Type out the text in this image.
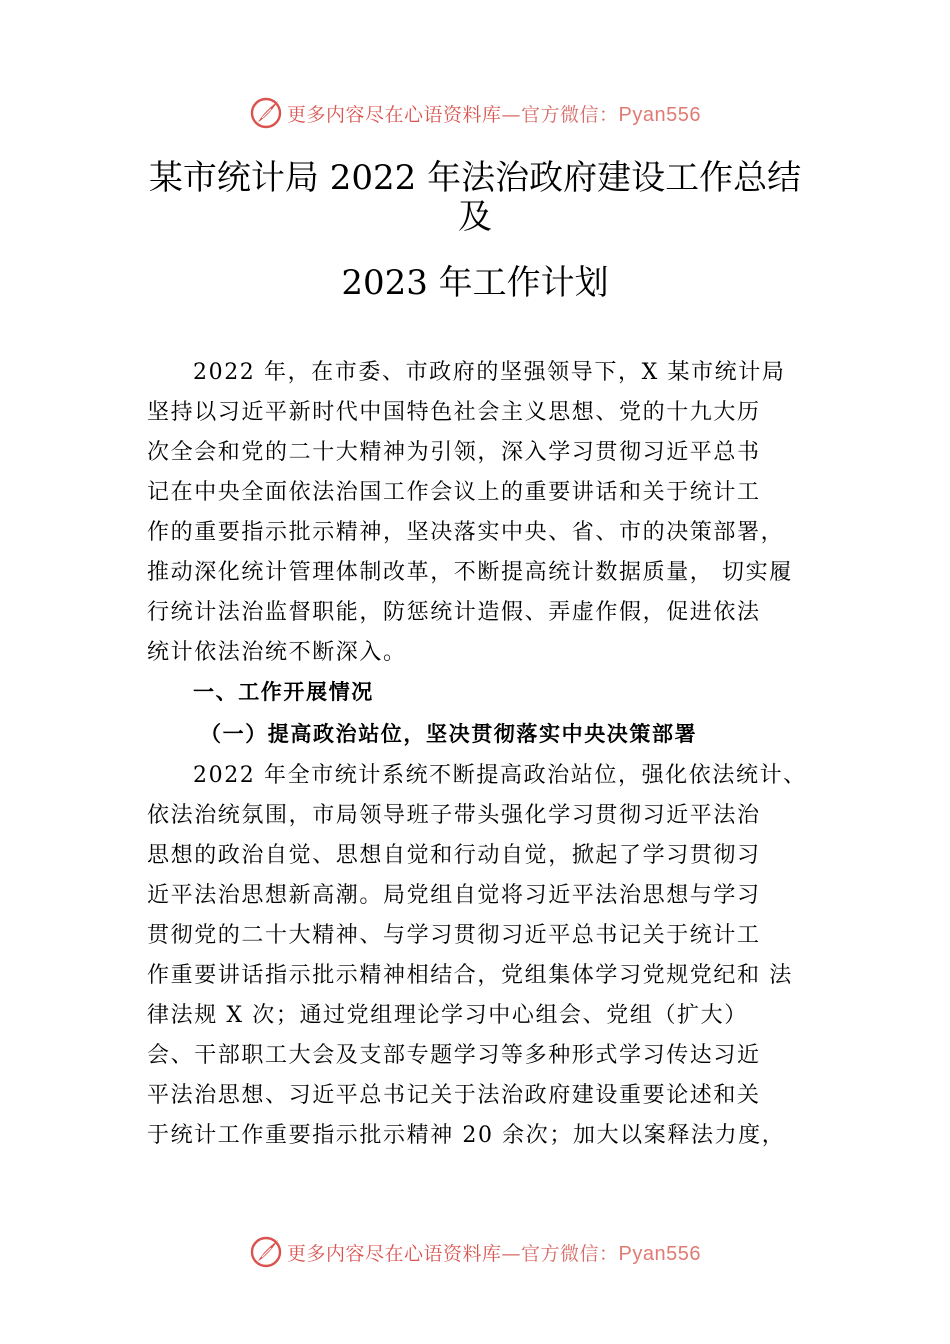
更多内容尽在心语资料库—官方微信：Pyan556
某市统计局 2022 年法治政府建设工作总结
及
2023 年工作计划
2022 年，在市委、市政府的坚强领导下，X 某市统计局
坚持以习近平新时代中国特色社会主义思想、党的十九大历
次全会和党的二十大精神为引领，深入学习贯彻习近平总书
记在中央全面依法治国工作会议上的重要讲话和关于统计工
作的重要指示批示精神，坚决落实中央、省、市的决策部署，
推动深化统计管理体制改革，不断提高统计数据质量， 切实履
行统计法治监督职能，防惩统计造假、弄虚作假，促进依法
统计依法治统不断深入。
一、工作开展情况
（一）提高政治站位，坚决贯彻落实中央决策部署
2022 年全市统计系统不断提高政治站位，强化依法统计、
依法治统氛围，市局领导班子带头强化学习贯彻习近平法治
思想的政治自觉、思想自觉和行动自觉，掀起了学习贯彻习
近平法治思想新高潮。局党组自觉将习近平法治思想与学习
贯彻党的二十大精神、与学习贯彻习近平总书记关于统计工
作重要讲话指示批示精神相结合，党组集体学习党规党纪和 法
律法规 X 次；通过党组理论学习中心组会、党组（扩大）
会、干部职工大会及支部专题学习等多种形式学习传达习近
平法治思想、习近平总书记关于法治政府建设重要论述和关
于统计工作重要指示批示精神 20 余次；加大以案释法力度，
更多内容尽在心语资料库—官方微信：Pyan556
